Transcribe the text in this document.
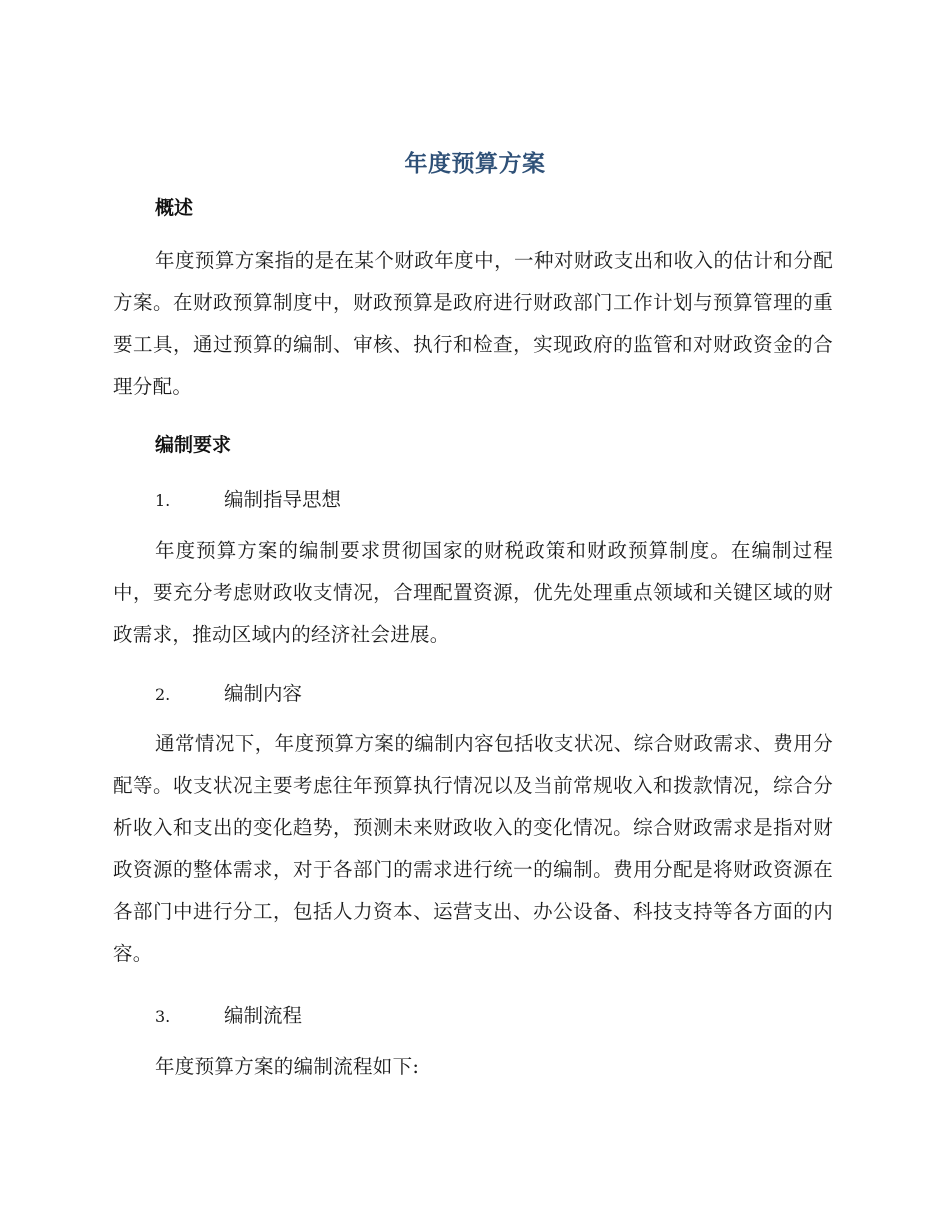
年度预算方案
概述

年度预算方案指的是在某个财政年度中，一种对财政支出和收入的估计和分配方案。在财政预算制度中，财政预算是政府进行财政部门工作计划与预算管理的重要工具，通过预算的编制、审核、执行和检查，实现政府的监管和对财政资金的合理分配。

编制要求
1.	编制指导思想

年度预算方案的编制要求贯彻国家的财税政策和财政预算制度。在编制过程中，要充分考虑财政收支情况，合理配置资源，优先处理重点领域和关键区域的财政需求，推动区域内的经济社会进展。

2.	编制内容

通常情况下，年度预算方案的编制内容包括收支状况、综合财政需求、费用分配等。收支状况主要考虑往年预算执行情况以及当前常规收入和拨款情况，综合分析收入和支出的变化趋势，预测未来财政收入的变化情况。综合财政需求是指对财政资源的整体需求，对于各部门的需求进行统一的编制。费用分配是将财政资源在各部门中进行分工，包括人力资本、运营支出、办公设备、科技支持等各方面的内容。

3.	编制流程

年度预算方案的编制流程如下:
